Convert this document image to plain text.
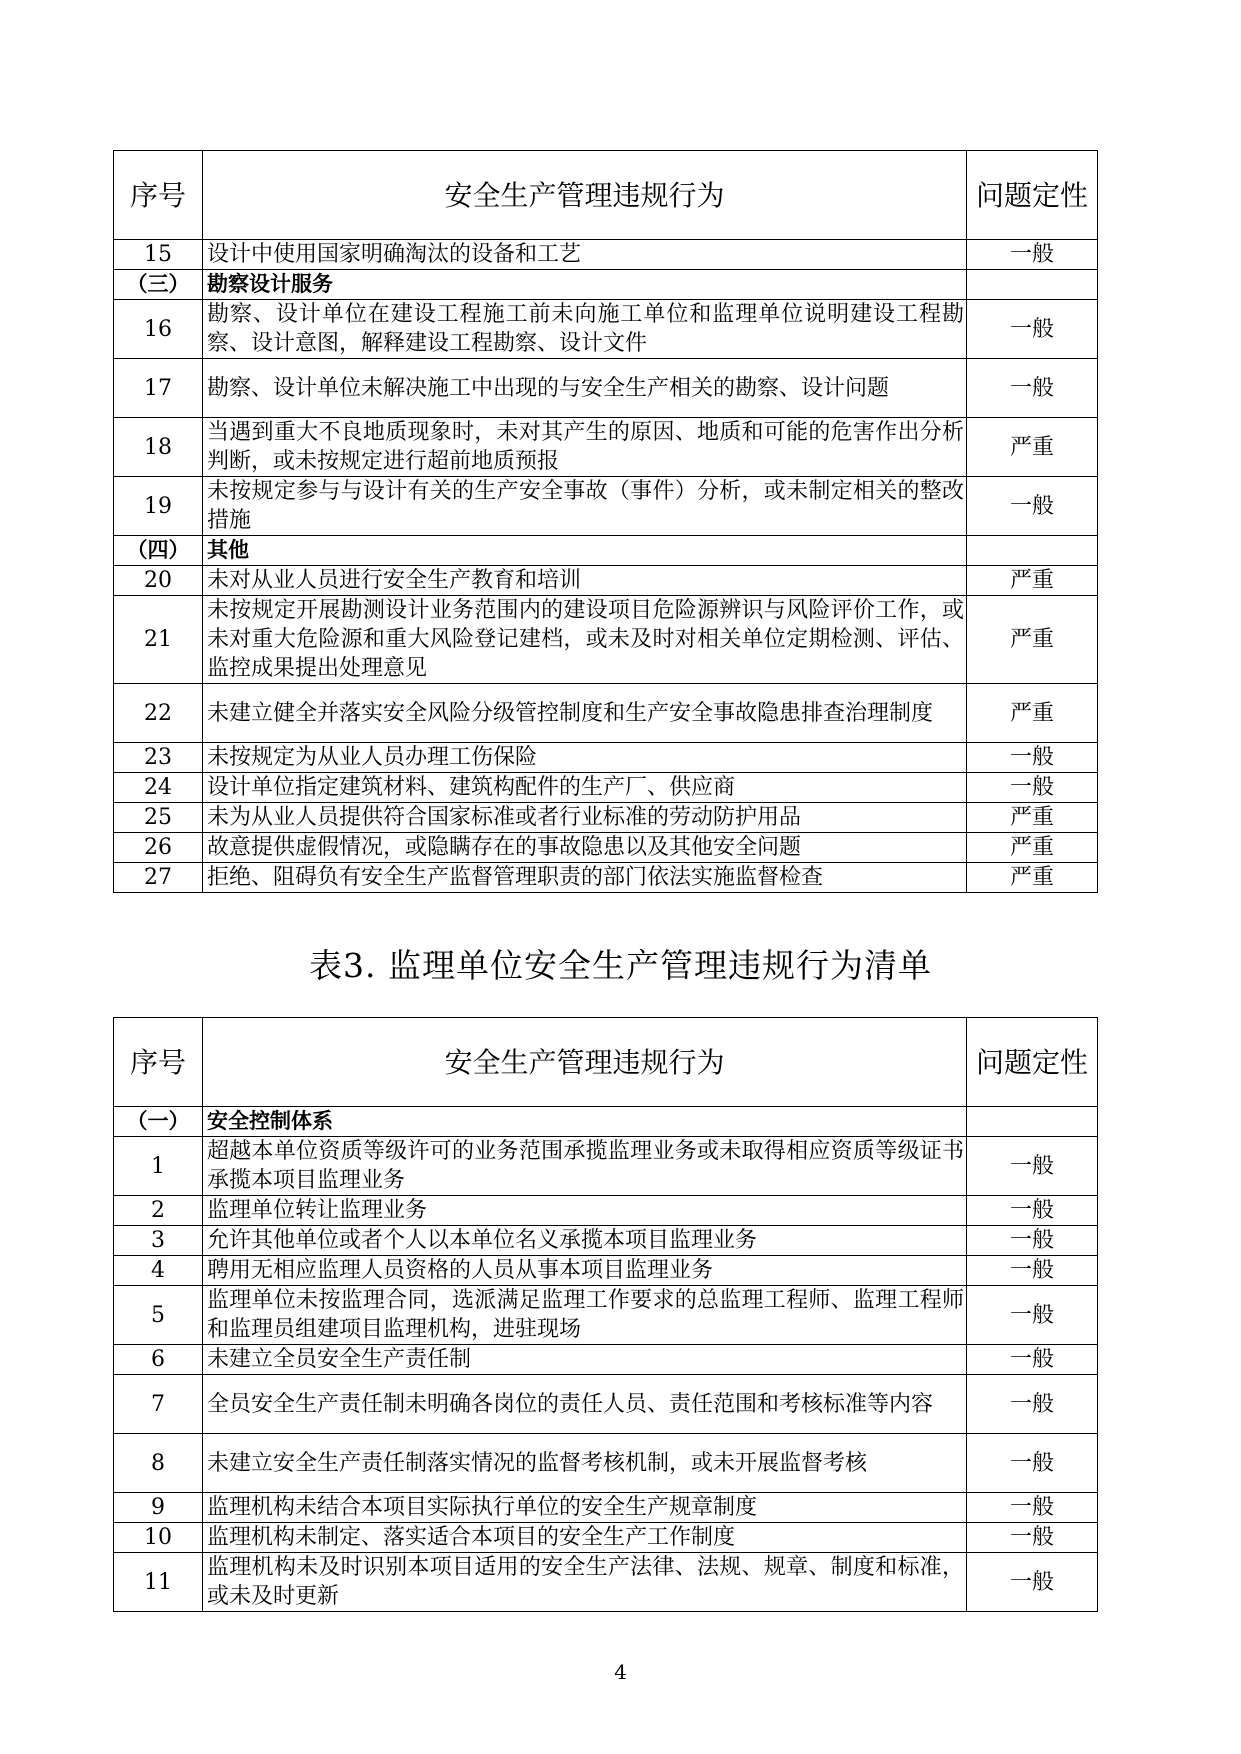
序号	安全生产管理违规行为	问题定性
15	设计中使用国家明确淘汰的设备和工艺	一般
（三）	勘察设计服务	
16	勘察、设计单位在建设工程施工前未向施工单位和监理单位说明建设工程勘察、设计意图，解释建设工程勘察、设计文件	一般
17	勘察、设计单位未解决施工中出现的与安全生产相关的勘察、设计问题	一般
18	当遇到重大不良地质现象时，未对其产生的原因、地质和可能的危害作出分析判断，或未按规定进行超前地质预报	严重
19	未按规定参与与设计有关的生产安全事故（事件）分析，或未制定相关的整改措施	一般
（四）	其他	
20	未对从业人员进行安全生产教育和培训	严重
21	未按规定开展勘测设计业务范围内的建设项目危险源辨识与风险评价工作，或未对重大危险源和重大风险登记建档，或未及时对相关单位定期检测、评估、监控成果提出处理意见	严重
22	未建立健全并落实安全风险分级管控制度和生产安全事故隐患排查治理制度	严重
23	未按规定为从业人员办理工伤保险	一般
24	设计单位指定建筑材料、建筑构配件的生产厂、供应商	一般
25	未为从业人员提供符合国家标准或者行业标准的劳动防护用品	严重
26	故意提供虚假情况，或隐瞒存在的事故隐患以及其他安全问题	严重
27	拒绝、阻碍负有安全生产监督管理职责的部门依法实施监督检查	严重
表3. 监理单位安全生产管理违规行为清单
序号	安全生产管理违规行为	问题定性
（一）	安全控制体系	
1	超越本单位资质等级许可的业务范围承揽监理业务或未取得相应资质等级证书承揽本项目监理业务	一般
2	监理单位转让监理业务	一般
3	允许其他单位或者个人以本单位名义承揽本项目监理业务	一般
4	聘用无相应监理人员资格的人员从事本项目监理业务	一般
5	监理单位未按监理合同，选派满足监理工作要求的总监理工程师、监理工程师和监理员组建项目监理机构，进驻现场	一般
6	未建立全员安全生产责任制	一般
7	全员安全生产责任制未明确各岗位的责任人员、责任范围和考核标准等内容	一般
8	未建立安全生产责任制落实情况的监督考核机制，或未开展监督考核	一般
9	监理机构未结合本项目实际执行单位的安全生产规章制度	一般
10	监理机构未制定、落实适合本项目的安全生产工作制度	一般
11	监理机构未及时识别本项目适用的安全生产法律、法规、规章、制度和标准，或未及时更新	一般
4
